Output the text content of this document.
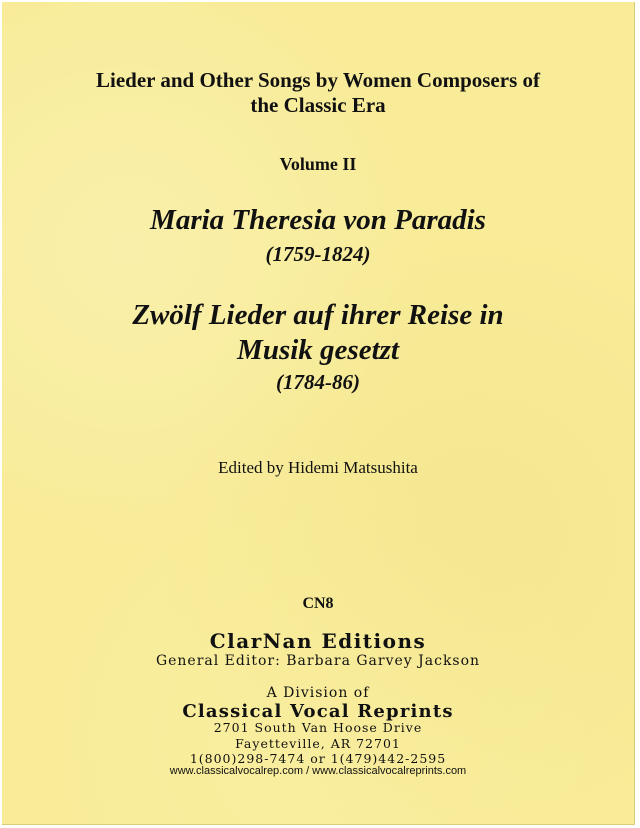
Lieder and Other Songs by Women Composers of
the Classic Era
Volume II
Maria Theresia von Paradis
(1759-1824)
Zwölf Lieder auf ihrer Reise in
Musik gesetzt
(1784-86)
Edited by Hidemi Matsushita
CN8
ClarNan Editions
General Editor: Barbara Garvey Jackson
A Division of
Classical Vocal Reprints
2701 South Van Hoose Drive
Fayetteville, AR 72701
1(800)298-7474 or 1(479)442-2595
www.classicalvocalrep.com / www.classicalvocalreprints.com
